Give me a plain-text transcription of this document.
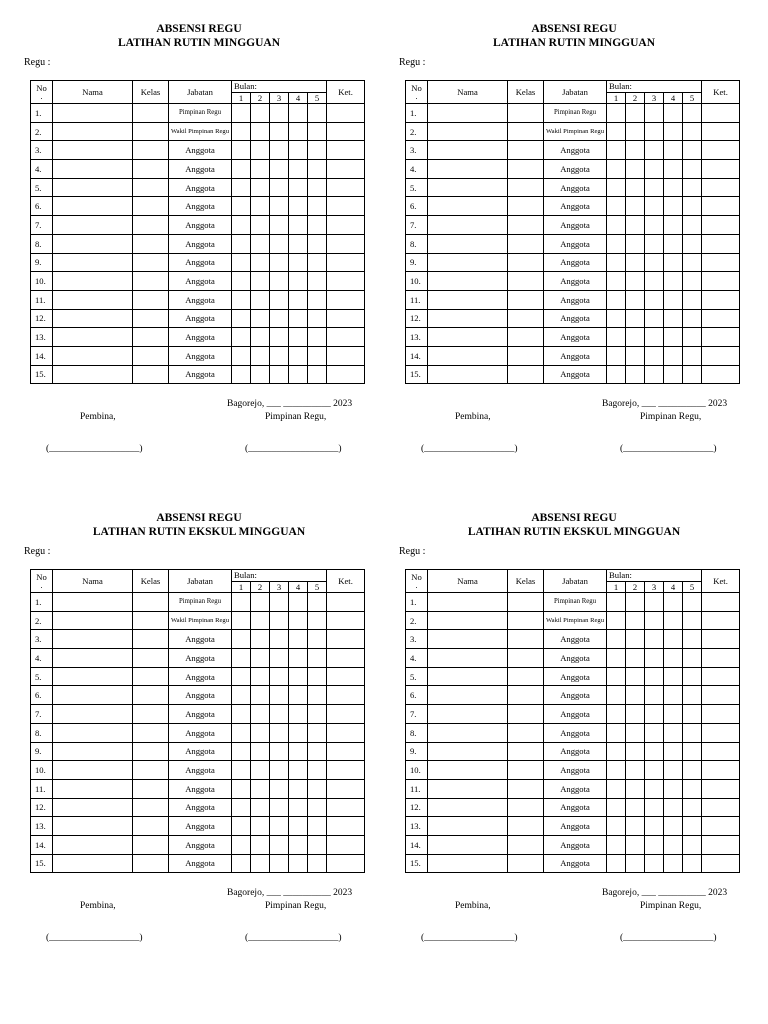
ABSENSI REGU
LATIHAN RUTIN MINGGUAN
Regu :
No
.	Nama	Kelas	Jabatan	Bulan:					Ket.
				1	2	3	4	5	
1.			Pimpinan Regu						
2.			Wakil Pimpinan Regu						
3.			Anggota						
4.			Anggota						
5.			Anggota						
6.			Anggota						
7.			Anggota						
8.			Anggota						
9.			Anggota						
10.			Anggota						
11.			Anggota						
12.			Anggota						
13.			Anggota						
14.			Anggota						
15.			Anggota						
Bagorejo, ___ __________ 2023
Pembina,	Pimpinan Regu,
(___________________)	(___________________)
ABSENSI REGU
LATIHAN RUTIN MINGGUAN
Regu :
No
.	Nama	Kelas	Jabatan	Bulan:					Ket.
				1	2	3	4	5	
1.			Pimpinan Regu						
2.			Wakil Pimpinan Regu						
3.			Anggota						
4.			Anggota						
5.			Anggota						
6.			Anggota						
7.			Anggota						
8.			Anggota						
9.			Anggota						
10.			Anggota						
11.			Anggota						
12.			Anggota						
13.			Anggota						
14.			Anggota						
15.			Anggota						
Bagorejo, ___ __________ 2023
Pembina,	Pimpinan Regu,
(___________________)	(___________________)
ABSENSI REGU
LATIHAN RUTIN EKSKUL MINGGUAN
Regu :
No
.	Nama	Kelas	Jabatan	Bulan:					Ket.
				1	2	3	4	5	
1.			Pimpinan Regu						
2.			Wakil Pimpinan Regu						
3.			Anggota						
4.			Anggota						
5.			Anggota						
6.			Anggota						
7.			Anggota						
8.			Anggota						
9.			Anggota						
10.			Anggota						
11.			Anggota						
12.			Anggota						
13.			Anggota						
14.			Anggota						
15.			Anggota						
Bagorejo, ___ __________ 2023
Pembina,	Pimpinan Regu,
(___________________)	(___________________)
ABSENSI REGU
LATIHAN RUTIN EKSKUL MINGGUAN
Regu :
No
.	Nama	Kelas	Jabatan	Bulan:					Ket.
				1	2	3	4	5	
1.			Pimpinan Regu						
2.			Wakil Pimpinan Regu						
3.			Anggota						
4.			Anggota						
5.			Anggota						
6.			Anggota						
7.			Anggota						
8.			Anggota						
9.			Anggota						
10.			Anggota						
11.			Anggota						
12.			Anggota						
13.			Anggota						
14.			Anggota						
15.			Anggota						
Bagorejo, ___ __________ 2023
Pembina,	Pimpinan Regu,
(___________________)	(___________________)
